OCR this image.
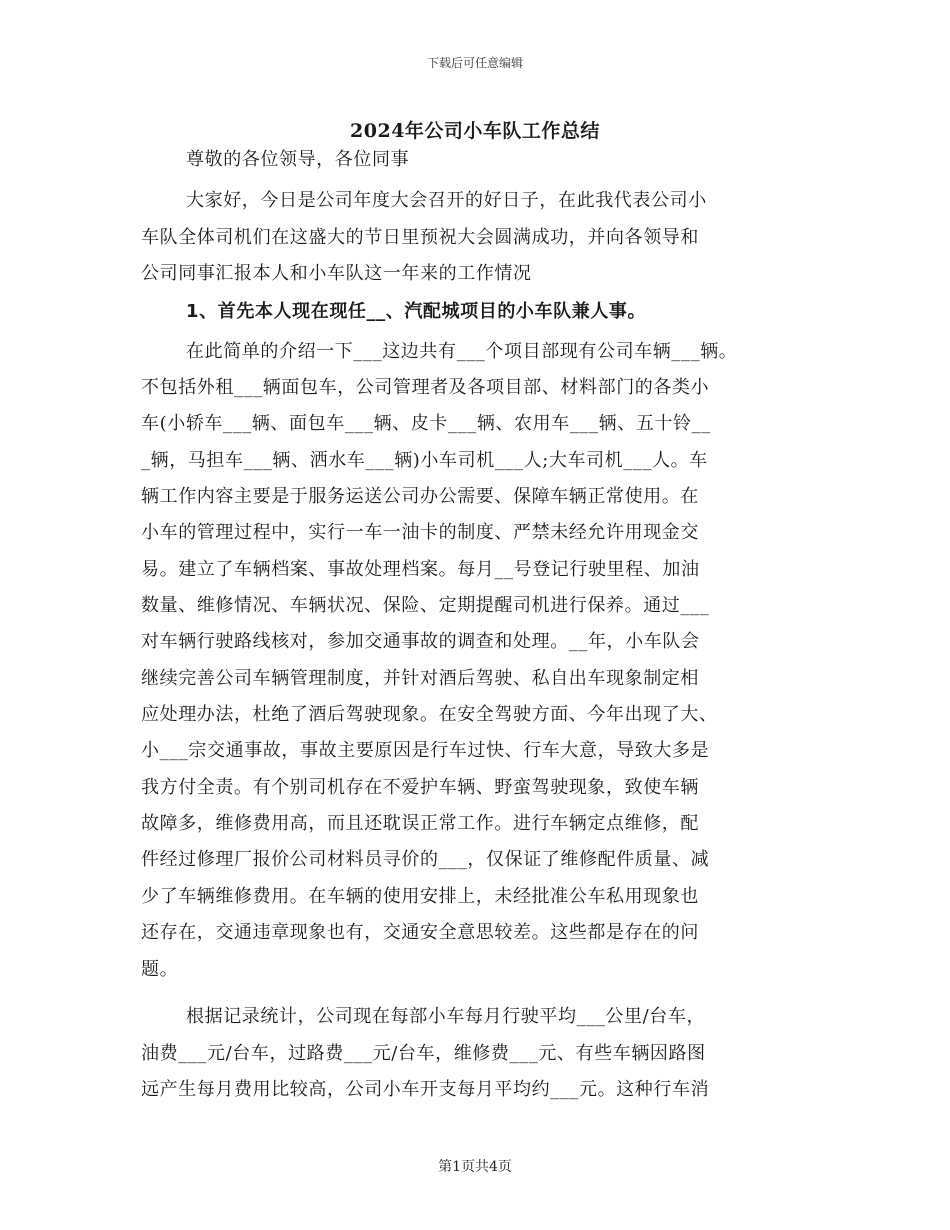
下载后可任意编辑
2024年公司小车队工作总结
尊敬的各位领导，各位同事
大家好，今日是公司年度大会召开的好日子，在此我代表公司小
车队全体司机们在这盛大的节日里预祝大会圆满成功，并向各领导和
公司同事汇报本人和小车队这一年来的工作情况
1、首先本人现在现任__、汽配城项目的小车队兼人事。
在此简单的介绍一下___这边共有___个项目部现有公司车辆___辆。
不包括外租___辆面包车，公司管理者及各项目部、材料部门的各类小
车(小轿车___辆、面包车___辆、皮卡___辆、农用车___辆、五十铃__
_辆，马担车___辆、洒水车___辆)小车司机___人;大车司机___人。车
辆工作内容主要是于服务运送公司办公需要、保障车辆正常使用。在
小车的管理过程中，实行一车一油卡的制度、严禁未经允许用现金交
易。建立了车辆档案、事故处理档案。每月__号登记行驶里程、加油
数量、维修情况、车辆状况、保险、定期提醒司机进行保养。通过___
对车辆行驶路线核对，参加交通事故的调查和处理。__年，小车队会
继续完善公司车辆管理制度，并针对酒后驾驶、私自出车现象制定相
应处理办法，杜绝了酒后驾驶现象。在安全驾驶方面、今年出现了大、
小___宗交通事故，事故主要原因是行车过快、行车大意，导致大多是
我方付全责。有个别司机存在不爱护车辆、野蛮驾驶现象，致使车辆
故障多，维修费用高，而且还耽误正常工作。进行车辆定点维修，配
件经过修理厂报价公司材料员寻价的___，仅保证了维修配件质量、减
少了车辆维修费用。在车辆的使用安排上，未经批准公车私用现象也
还存在，交通违章现象也有，交通安全意思较差。这些都是存在的问
题。
根据记录统计，公司现在每部小车每月行驶平均___公里/台车，
油费___元/台车，过路费___元/台车，维修费___元、有些车辆因路图
远产生每月费用比较高，公司小车开支每月平均约___元。这种行车消
第1页共4页
